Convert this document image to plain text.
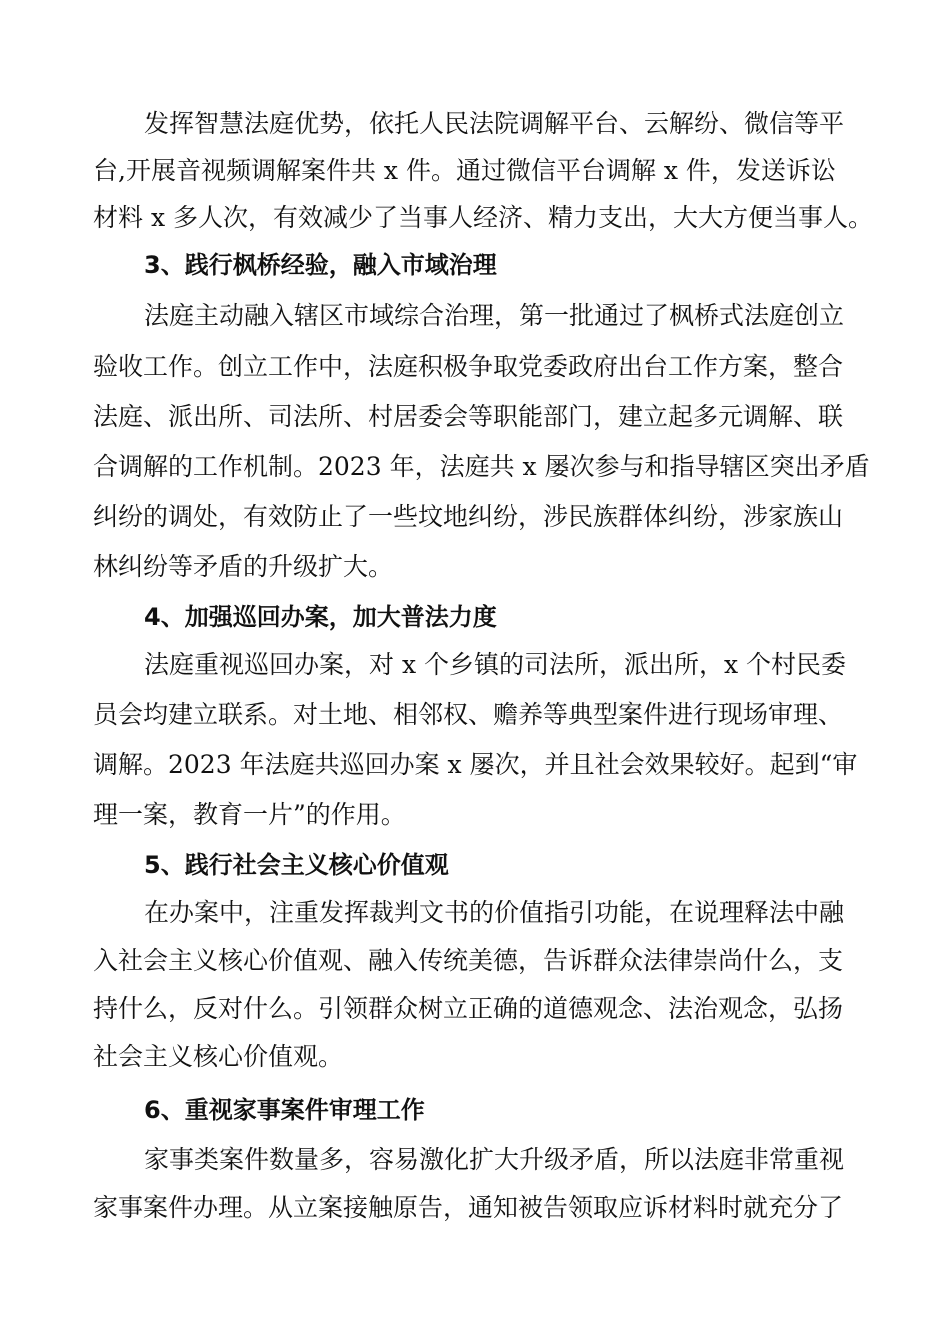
发挥智慧法庭优势，依托人民法院调解平台、云解纷、微信等平
台,开展音视频调解案件共 x 件。通过微信平台调解 x 件，发送诉讼
材料 x 多人次，有效减少了当事人经济、精力支出，大大方便当事人。
3、践行枫桥经验，融入市域治理
法庭主动融入辖区市域综合治理，第一批通过了枫桥式法庭创立
验收工作。创立工作中，法庭积极争取党委政府出台工作方案，整合
法庭、派出所、司法所、村居委会等职能部门，建立起多元调解、联
合调解的工作机制。2023 年，法庭共 x 屡次参与和指导辖区突出矛盾
纠纷的调处，有效防止了一些坟地纠纷，涉民族群体纠纷，涉家族山
林纠纷等矛盾的升级扩大。
4、加强巡回办案，加大普法力度
法庭重视巡回办案，对 x 个乡镇的司法所，派出所，x 个村民委
员会均建立联系。对土地、相邻权、赡养等典型案件进行现场审理、
调解。2023 年法庭共巡回办案 x 屡次，并且社会效果较好。起到“审
理一案，教育一片”的作用。
5、践行社会主义核心价值观
在办案中，注重发挥裁判文书的价值指引功能，在说理释法中融
入社会主义核心价值观、融入传统美德，告诉群众法律崇尚什么，支
持什么，反对什么。引领群众树立正确的道德观念、法治观念，弘扬
社会主义核心价值观。
6、重视家事案件审理工作
家事类案件数量多，容易激化扩大升级矛盾，所以法庭非常重视
家事案件办理。从立案接触原告，通知被告领取应诉材料时就充分了
